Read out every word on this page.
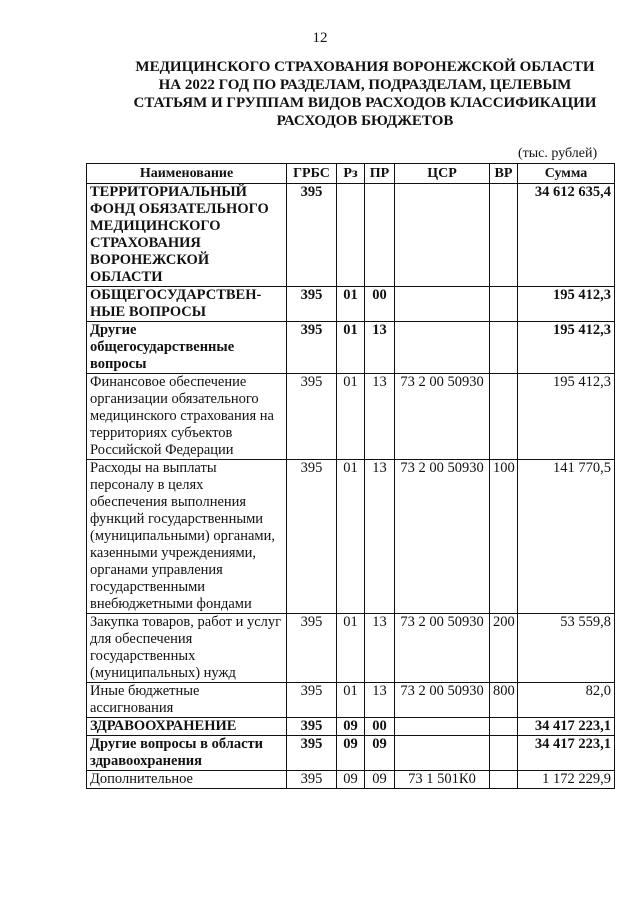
12
МЕДИЦИНСКОГО СТРАХОВАНИЯ ВОРОНЕЖСКОЙ ОБЛАСТИ
НА 2022 ГОД ПО РАЗДЕЛАМ, ПОДРАЗДЕЛАМ, ЦЕЛЕВЫМ
СТАТЬЯМ И ГРУППАМ ВИДОВ РАСХОДОВ КЛАССИФИКАЦИИ
РАСХОДОВ БЮДЖЕТОВ
(тыс. рублей)
Наименование	ГРБС	Рз	ПР	ЦСР	ВР	Сумма
ТЕРРИТОРИАЛЬНЫЙ ФОНД ОБЯЗАТЕЛЬНОГО МЕДИЦИНСКОГО СТРАХОВАНИЯ ВОРОНЕЖСКОЙ ОБЛАСТИ	395					34 612 635,4
ОБЩЕГОСУДАРСТВЕН-НЫЕ ВОПРОСЫ	395	01	00			195 412,3
Другие общегосударственные вопросы	395	01	13			195 412,3
Финансовое обеспечение организации обязательного медицинского страхования на территориях субъектов Российской Федерации	395	01	13	73 2 00 50930		195 412,3
Расходы на выплаты персоналу в целях обеспечения выполнения функций государственными (муниципальными) органами, казенными учреждениями, органами управления государственными внебюджетными фондами	395	01	13	73 2 00 50930	100	141 770,5
Закупка товаров, работ и услуг для обеспечения государственных (муниципальных) нужд	395	01	13	73 2 00 50930	200	53 559,8
Иные бюджетные ассигнования	395	01	13	73 2 00 50930	800	82,0
ЗДРАВООХРАНЕНИЕ	395	09	00			34 417 223,1
Другие вопросы в области здравоохранения	395	09	09			34 417 223,1
Дополнительное	395	09	09	73 1 501К0		1 172 229,9
